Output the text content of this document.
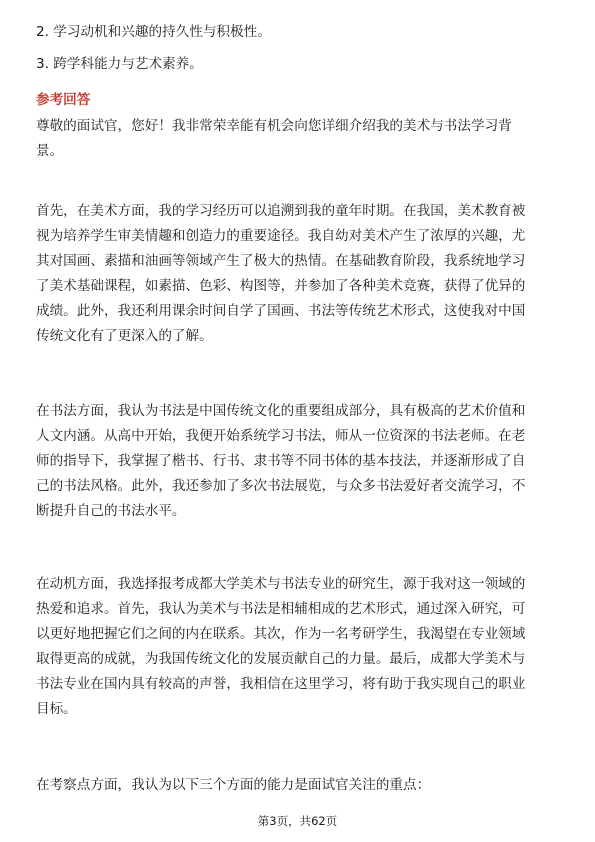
2. 学习动机和兴趣的持久性与积极性。
3. 跨学科能力与艺术素养。
参考回答

尊敬的面试官，您好！我非常荣幸能有机会向您详细介绍我的美术与书法学习背

景。

首先，在美术方面，我的学习经历可以追溯到我的童年时期。在我国，美术教育被

视为培养学生审美情趣和创造力的重要途径。我自幼对美术产生了浓厚的兴趣，尤

其对国画、素描和油画等领域产生了极大的热情。在基础教育阶段，我系统地学习

了美术基础课程，如素描、色彩、构图等，并参加了各种美术竞赛，获得了优异的

成绩。此外，我还利用课余时间自学了国画、书法等传统艺术形式，这使我对中国

传统文化有了更深入的了解。

在书法方面，我认为书法是中国传统文化的重要组成部分，具有极高的艺术价值和

人文内涵。从高中开始，我便开始系统学习书法，师从一位资深的书法老师。在老

师的指导下，我掌握了楷书、行书、隶书等不同书体的基本技法，并逐渐形成了自

己的书法风格。此外，我还参加了多次书法展览，与众多书法爱好者交流学习，不

断提升自己的书法水平。

在动机方面，我选择报考成都大学美术与书法专业的研究生，源于我对这一领域的

热爱和追求。首先，我认为美术与书法是相辅相成的艺术形式，通过深入研究，可

以更好地把握它们之间的内在联系。其次，作为一名考研学生，我渴望在专业领域

取得更高的成就，为我国传统文化的发展贡献自己的力量。最后，成都大学美术与

书法专业在国内具有较高的声誉，我相信在这里学习，将有助于我实现自己的职业

目标。

在考察点方面，我认为以下三个方面的能力是面试官关注的重点：

第3页，共62页
